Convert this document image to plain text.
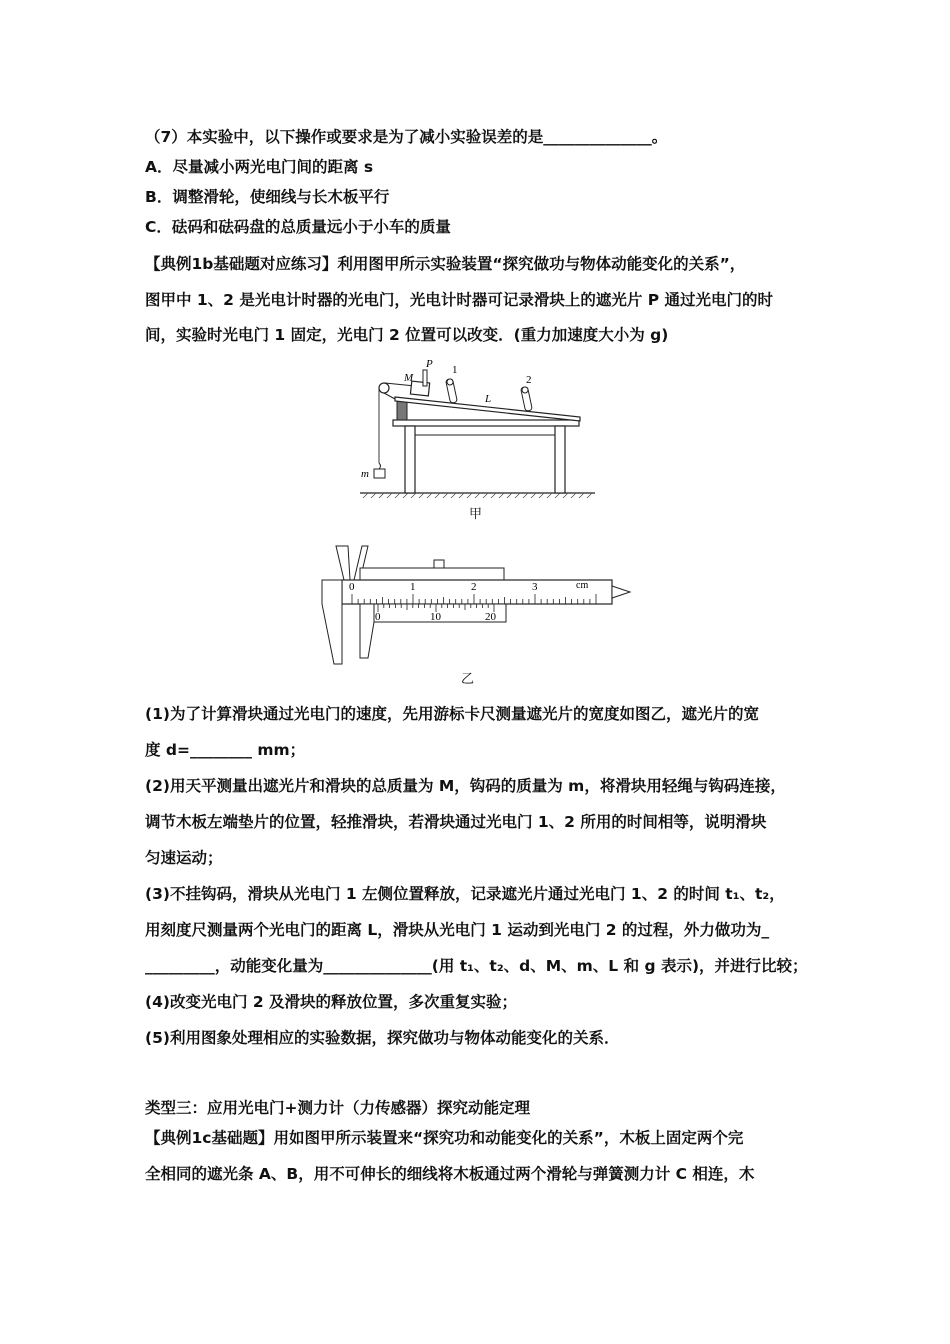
（7）本实验中，以下操作或要求是为了减小实验误差的是______________。
A．尽量减小两光电门间的距离 s
B．调整滑轮，使细线与长木板平行
C．砝码和砝码盘的总质量远小于小车的质量
【典例1b基础题对应练习】利用图甲所示实验装置“探究做功与物体动能变化的关系”，
图甲中 1、2 是光电计时器的光电门，光电计时器可记录滑块上的遮光片 P 通过光电门的时
间，实验时光电门 1 固定，光电门 2 位置可以改变．(重力加速度大小为 g)
m
M
P 1
2
L
甲
0	1	2	3	cm
0	10	20
乙
(1)为了计算滑块通过光电门的速度，先用游标卡尺测量遮光片的宽度如图乙，遮光片的宽
度 d=________ mm；
(2)用天平测量出遮光片和滑块的总质量为 M，钩码的质量为 m，将滑块用轻绳与钩码连接，
调节木板左端垫片的位置，轻推滑块，若滑块通过光电门 1、2 所用的时间相等，说明滑块
匀速运动；
(3)不挂钩码，滑块从光电门 1 左侧位置释放，记录遮光片通过光电门 1、2 的时间 t₁、t₂，
用刻度尺测量两个光电门的距离 L，滑块从光电门 1 运动到光电门 2 的过程，外力做功为_
_________，动能变化量为______________(用 t₁、t₂、d、M、m、L 和 g 表示)，并进行比较；
(4)改变光电门 2 及滑块的释放位置，多次重复实验；
(5)利用图象处理相应的实验数据，探究做功与物体动能变化的关系．
类型三：应用光电门+测力计（力传感器）探究动能定理
【典例1c基础题】用如图甲所示装置来“探究功和动能变化的关系”，木板上固定两个完
全相同的遮光条 A、B，用不可伸长的细线将木板通过两个滑轮与弹簧测力计 C 相连，木
